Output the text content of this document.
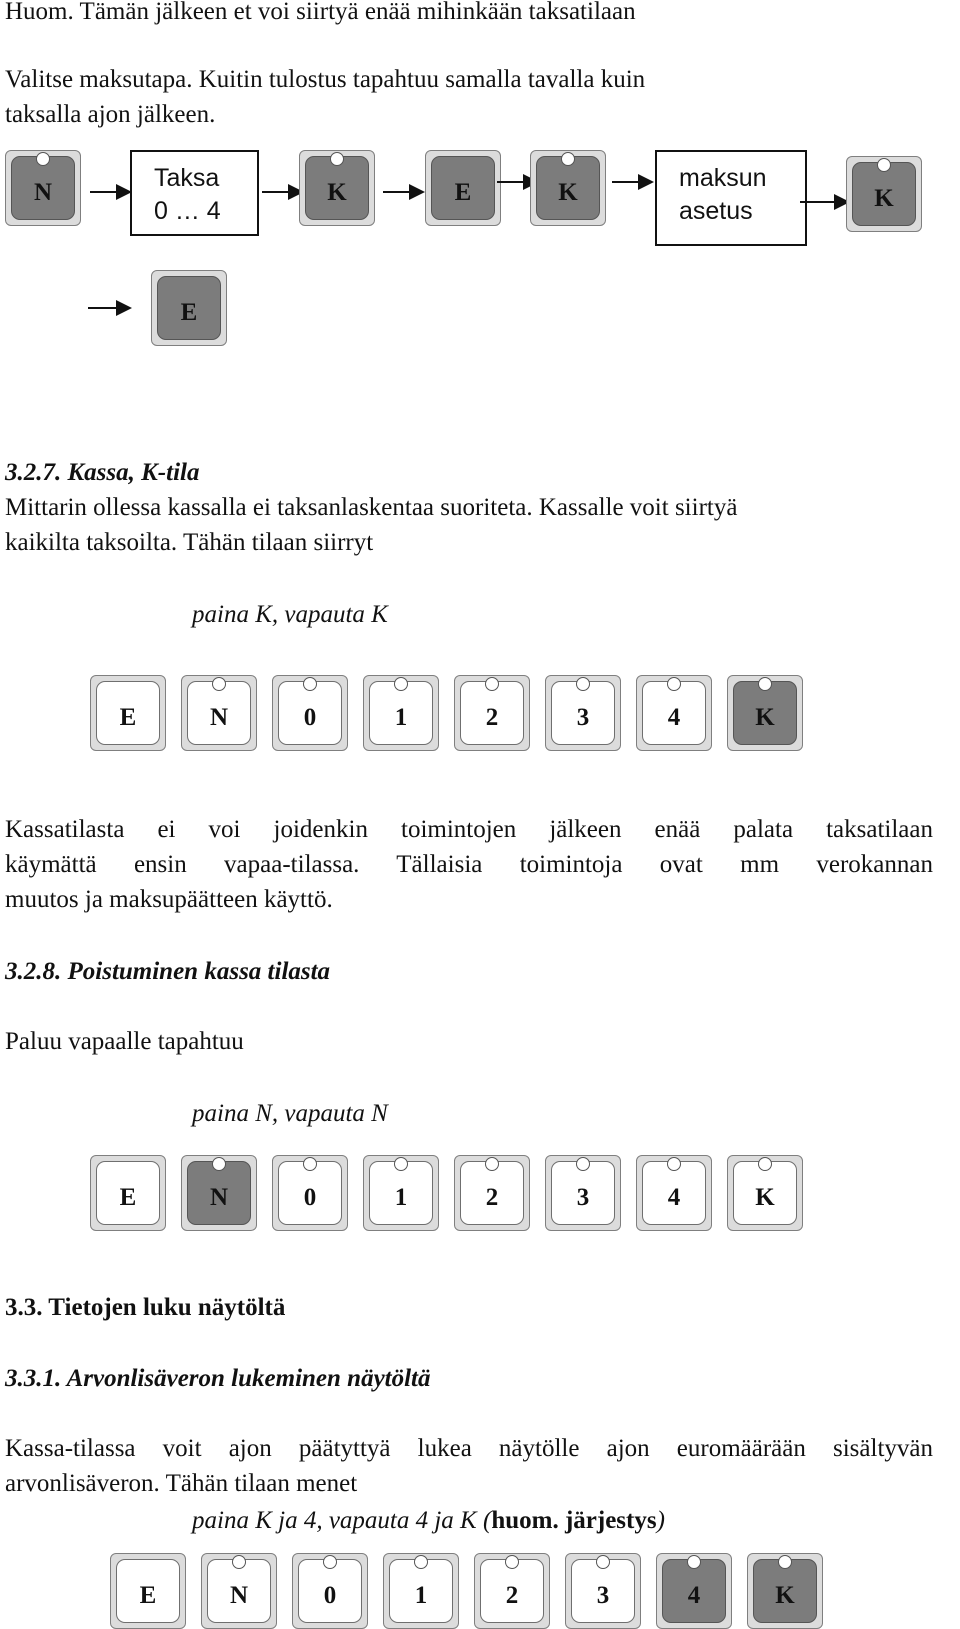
Huom. Tämän jälkeen et voi siirtyä enää mihinkään taksatilaan
Valitse maksutapa. Kuitin tulostus tapahtuu samalla tavalla kuin
taksalla ajon jälkeen.
N
Taksa
0 … 4
K	E	K
maksun
asetus	K
E
3.2.7. Kassa, K-tila
Mittarin ollessa kassalla ei taksanlaskentaa suoriteta. Kassalle voit siirtyä
kaikilta taksoilta. Tähän tilaan siirryt
paina K, vapauta K
E	N	0	1	2	3	4	K
Kassatilasta ei voi joidenkin toimintojen jälkeen enää palata taksatilaan
käymättä ensin vapaa-tilassa. Tällaisia toimintoja ovat mm verokannan
muutos ja maksupäätteen käyttö.
3.2.8. Poistuminen kassa tilasta
Paluu vapaalle tapahtuu
paina N, vapauta N
E	N	0	1	2	3	4	K
3.3. Tietojen luku näytöltä
3.3.1. Arvonlisäveron lukeminen näytöltä
Kassa-tilassa voit ajon päätyttyä lukea näytölle ajon euromäärään sisältyvän
arvonlisäveron. Tähän tilaan menet
paina K ja 4, vapauta 4 ja K (huom. järjestys)
E	N	0	1	2	3	4	K
